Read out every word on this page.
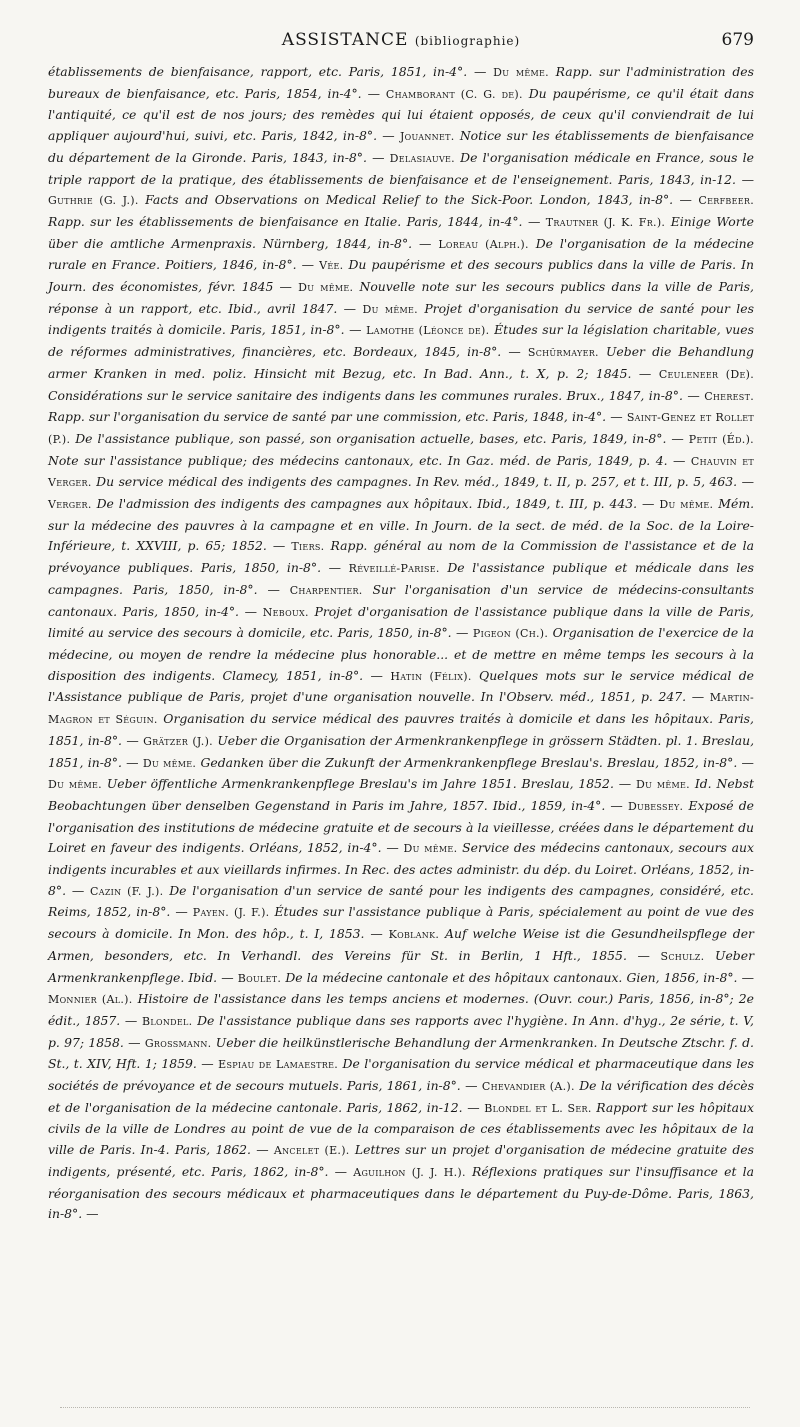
ASSISTANCE (bibliographie)	679

établissements de bienfaisance, rapport, etc. Paris, 1851, in-4°. — Du même. Rapp. sur l'administration des bureaux de bienfaisance, etc. Paris, 1854, in-4°. — Chamborant (C. G. de). Du paupérisme, ce qu'il était dans l'antiquité, ce qu'il est de nos jours; des remèdes qui lui étaient opposés, de ceux qu'il conviendrait de lui appliquer aujourd'hui, suivi, etc. Paris, 1842, in-8°. — Jouannet. Notice sur les établissements de bienfaisance du département de la Gironde. Paris, 1843, in-8°. — Delasiauve. De l'organisation médicale en France, sous le triple rapport de la pratique, des établissements de bienfaisance et de l'enseignement. Paris, 1843, in-12. — Guthrie (G. J.). Facts and Observations on Medical Relief to the Sick-Poor. London, 1843, in-8°. — Cerfbeer. Rapp. sur les établissements de bienfaisance en Italie. Paris, 1844, in-4°. — Trautner (J. K. Fr.). Einige Worte über die amtliche Armenpraxis. Nürnberg, 1844, in-8°. — Loreau (Alph.). De l'organisation de la médecine rurale en France. Poitiers, 1846, in-8°. — Vée. Du paupérisme et des secours publics dans la ville de Paris. In Journ. des économistes, févr. 1845 — Du même. Nouvelle note sur les secours publics dans la ville de Paris, réponse à un rapport, etc. Ibid., avril 1847. — Du même. Projet d'organisation du service de santé pour les indigents traités à domicile. Paris, 1851, in-8°. — Lamothe (Léonce de). Études sur la législation charitable, vues de réformes administratives, financières, etc. Bordeaux, 1845, in-8°. — Schürmayer. Ueber die Behandlung armer Kranken in med. poliz. Hinsicht mit Bezug, etc. In Bad. Ann., t. X, p. 2; 1845. — Ceuleneer (De). Considérations sur le service sanitaire des indigents dans les communes rurales. Brux., 1847, in-8°. — Cherest. Rapp. sur l'organisation du service de santé par une commission, etc. Paris, 1848, in-4°. — Saint-Genez et Rollet (P.). De l'assistance publique, son passé, son organisation actuelle, bases, etc. Paris, 1849, in-8°. — Petit (Éd.). Note sur l'assistance publique; des médecins cantonaux, etc. In Gaz. méd. de Paris, 1849, p. 4. — Chauvin et Verger. Du service médical des indigents des campagnes. In Rev. méd., 1849, t. II, p. 257, et t. III, p. 5, 463. — Verger. De l'admission des indigents des campagnes aux hôpitaux. Ibid., 1849, t. III, p. 443. — Du même. Mém. sur la médecine des pauvres à la campagne et en ville. In Journ. de la sect. de méd. de la Soc. de la Loire-Inférieure, t. XXVIII, p. 65; 1852. — Tiers. Rapp. général au nom de la Commission de l'assistance et de la prévoyance publiques. Paris, 1850, in-8°. — Réveillé-Parise. De l'assistance publique et médicale dans les campagnes. Paris, 1850, in-8°. — Charpentier. Sur l'organisation d'un service de médecins-consultants cantonaux. Paris, 1850, in-4°. — Neboux. Projet d'organisation de l'assistance publique dans la ville de Paris, limité au service des secours à domicile, etc. Paris, 1850, in-8°. — Pigeon (Ch.). Organisation de l'exercice de la médecine, ou moyen de rendre la médecine plus honorable... et de mettre en même temps les secours à la disposition des indigents. Clamecy, 1851, in-8°. — Hatin (Félix). Quelques mots sur le service médical de l'Assistance publique de Paris, projet d'une organisation nouvelle. In l'Observ. méd., 1851, p. 247. — Martin-Magron et Séguin. Organisation du service médical des pauvres traités à domicile et dans les hôpitaux. Paris, 1851, in-8°. — Grätzer (J.). Ueber die Organisation der Armenkrankenpflege in grössern Städten. pl. 1. Breslau, 1851, in-8°. — Du même. Gedanken über die Zukunft der Armenkrankenpflege Breslau's. Breslau, 1852, in-8°. — Du même. Ueber öffentliche Armenkrankenpflege Breslau's im Jahre 1851. Breslau, 1852. — Du même. Id. Nebst Beobachtungen über denselben Gegenstand in Paris im Jahre, 1857. Ibid., 1859, in-4°. — Dubessey. Exposé de l'organisation des institutions de médecine gratuite et de secours à la vieillesse, créées dans le département du Loiret en faveur des indigents. Orléans, 1852, in-4°. — Du même. Service des médecins cantonaux, secours aux indigents incurables et aux vieillards infirmes. In Rec. des actes administr. du dép. du Loiret. Orléans, 1852, in-8°. — Cazin (F. J.). De l'organisation d'un service de santé pour les indigents des campagnes, considéré, etc. Reims, 1852, in-8°. — Payen. (J. F.). Études sur l'assistance publique à Paris, spécialement au point de vue des secours à domicile. In Mon. des hôp., t. I, 1853. — Koblank. Auf welche Weise ist die Gesundheilspflege der Armen, besonders, etc. In Verhandl. des Vereins für St. in Berlin, 1 Hft., 1855. — Schulz. Ueber Armenkrankenpflege. Ibid. — Boulet. De la médecine cantonale et des hôpitaux cantonaux. Gien, 1856, in-8°. — Monnier (Al.). Histoire de l'assistance dans les temps anciens et modernes. (Ouvr. cour.) Paris, 1856, in-8°; 2e édit., 1857. — Blondel. De l'assistance publique dans ses rapports avec l'hygiène. In Ann. d'hyg., 2e série, t. V, p. 97; 1858. — Grossmann. Ueber die heilkünstlerische Behandlung der Armenkranken. In Deutsche Ztschr. f. d. St., t. XIV, Hft. 1; 1859. — Espiau de Lamaestre. De l'organisation du service médical et pharmaceutique dans les sociétés de prévoyance et de secours mutuels. Paris, 1861, in-8°. — Chevandier (A.). De la vérification des décès et de l'organisation de la médecine cantonale. Paris, 1862, in-12. — Blondel et L. Ser. Rapport sur les hôpitaux civils de la ville de Londres au point de vue de la comparaison de ces établissements avec les hôpitaux de la ville de Paris. In-4. Paris, 1862. — Ancelet (E.). Lettres sur un projet d'organisation de médecine gratuite des indigents, présenté, etc. Paris, 1862, in-8°. — Aguilhon (J. J. H.). Réflexions pratiques sur l'insuffisance et la réorganisation des secours médicaux et pharmaceutiques dans le département du Puy-de-Dôme. Paris, 1863, in-8°. —
